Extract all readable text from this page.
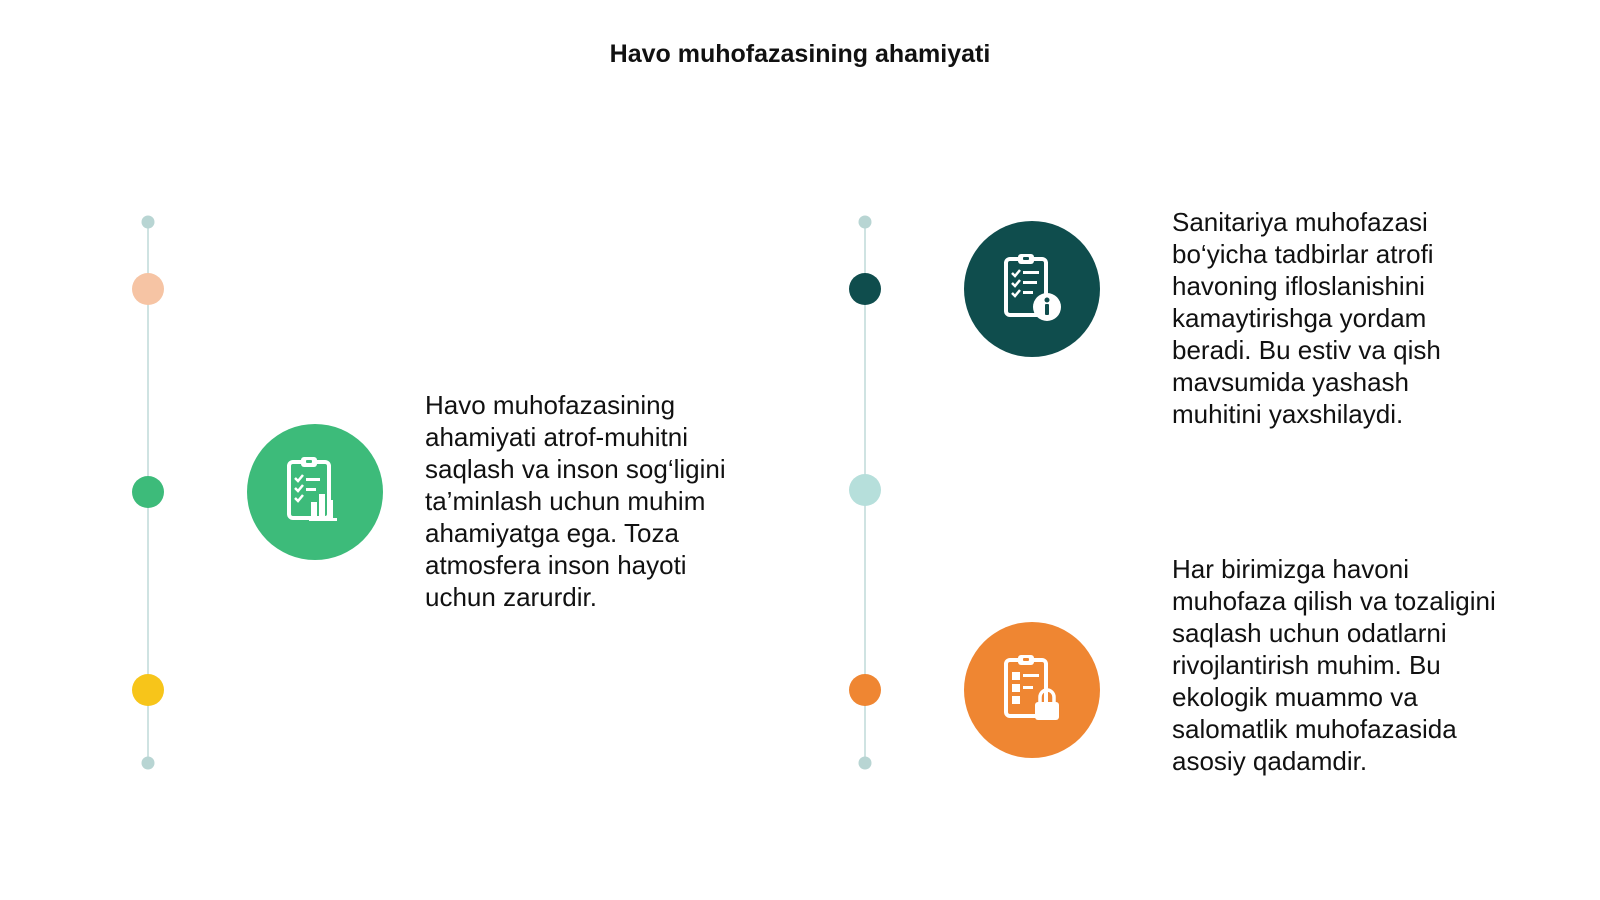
Havo muhofazasining ahamiyati
Havo muhofazasining ahamiyati atrof-muhitni saqlash va inson sog‘ligini ta’minlash uchun muhim ahamiyatga ega. Toza atmosfera inson hayoti uchun zarurdir.
Sanitariya muhofazasi bo‘yicha tadbirlar atrofi havoning ifloslanishini kamaytirishga yordam beradi. Bu estiv va qish mavsumida yashash muhitini yaxshilaydi.
Har birimizga havoni muhofaza qilish va tozaligini saqlash uchun odatlarni rivojlantirish muhim. Bu ekologik muammo va salomatlik muhofazasida asosiy qadamdir.
